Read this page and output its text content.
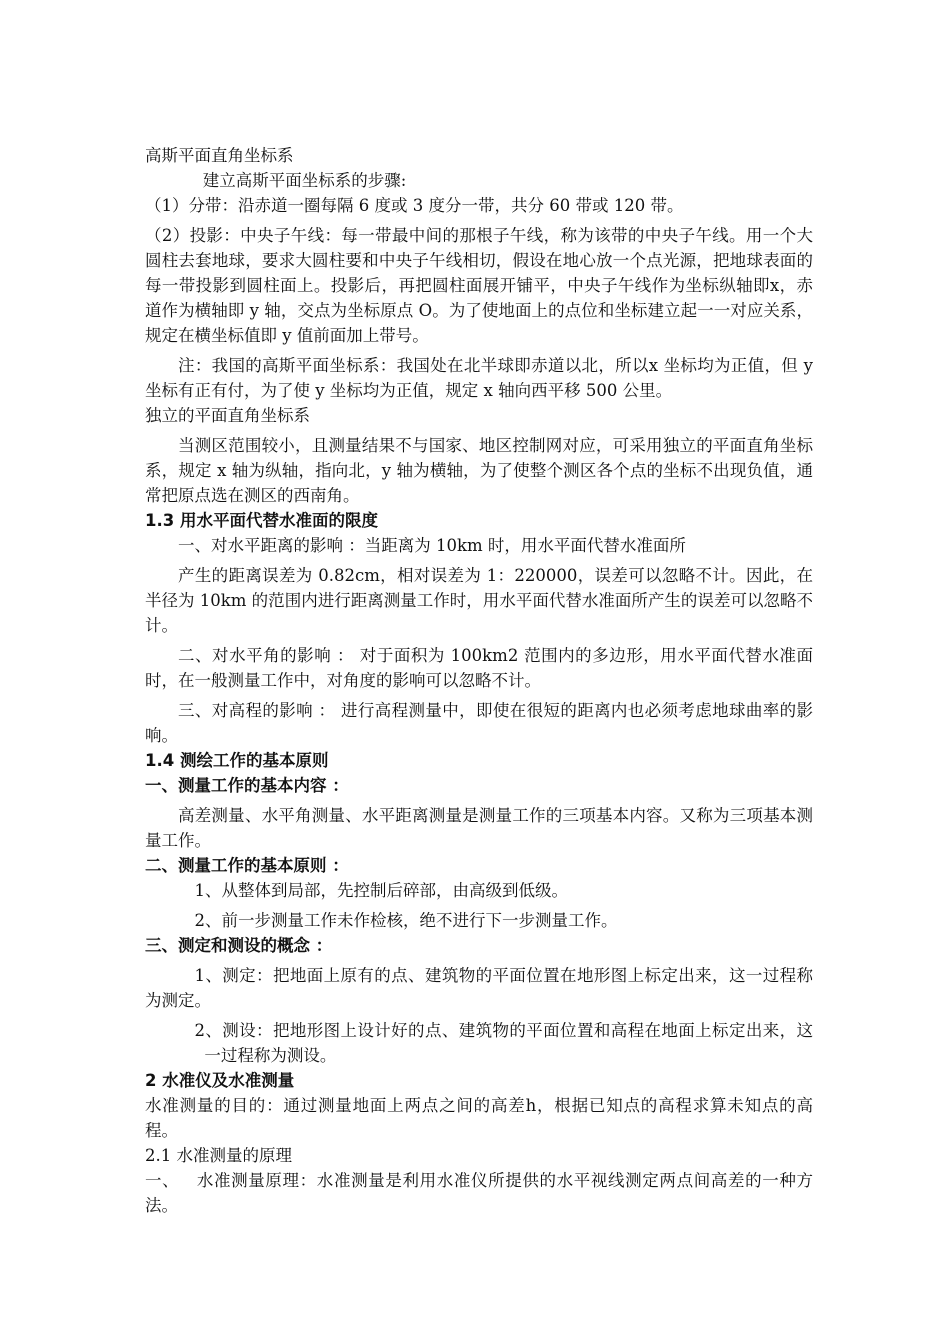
高斯平面直角坐标系

建立高斯平面坐标系的步骤:

（1）分带：沿赤道一圈每隔 6 度或 3 度分一带，共分 60 带或 120 带。

（2）投影：中央子午线：每一带最中间的那根子午线，称为该带的中央子午线。用一个大圆柱去套地球，要求大圆柱要和中央子午线相切，假设在地心放一个点光源，把地球表面的每一带投影到圆柱面上。投影后，再把圆柱面展开铺平，中央子午线作为坐标纵轴即x，赤道作为横轴即 y 轴，交点为坐标原点 O。为了使地面上的点位和坐标建立起一一对应关系，规定在横坐标值即 y 值前面加上带号。

注：我国的高斯平面坐标系：我国处在北半球即赤道以北，所以x 坐标均为正值，但 y 坐标有正有付，为了使 y 坐标均为正值，规定 x 轴向西平移 500 公里。

独立的平面直角坐标系

当测区范围较小，且测量结果不与国家、地区控制网对应，可采用独立的平面直角坐标系，规定 x 轴为纵轴，指向北，y 轴为横轴，为了使整个测区各个点的坐标不出现负值，通常把原点选在测区的西南角。

1.3 用水平面代替水准面的限度

一、对水平距离的影响 ：当距离为 10km 时，用水平面代替水准面所

产生的距离误差为 0.82cm，相对误差为 1：220000，误差可以忽略不计。因此，在半径为 10km 的范围内进行距离测量工作时，用水平面代替水准面所产生的误差可以忽略不计。

二、对水平角的影响 ： 对于面积为 100km2 范围内的多边形，用水平面代替水准面时，在一般测量工作中，对角度的影响可以忽略不计。

三、对高程的影响 ： 进行高程测量中，即使在很短的距离内也必须考虑地球曲率的影响。

1.4 测绘工作的基本原则

一、测量工作的基本内容 ：

高差测量、水平角测量、水平距离测量是测量工作的三项基本内容。又称为三项基本测量工作。

二、测量工作的基本原则 ：

1、从整体到局部，先控制后碎部，由高级到低级。

2、前一步测量工作未作检核，绝不进行下一步测量工作。

三、测定和测设的概念 ：

1、测定：把地面上原有的点、建筑物的平面位置在地形图上标定出来，这一过程称为测定。

2、测设：把地形图上设计好的点、建筑物的平面位置和高程在地面上标定出来，这一过程称为测设。

2 水准仪及水准测量

水准测量的目的：通过测量地面上两点之间的高差h，根据已知点的高程求算未知点的高程。

2.1 水准测量的原理

一、   水准测量原理：水准测量是利用水准仪所提供的水平视线测定两点间高差的一种方法。
